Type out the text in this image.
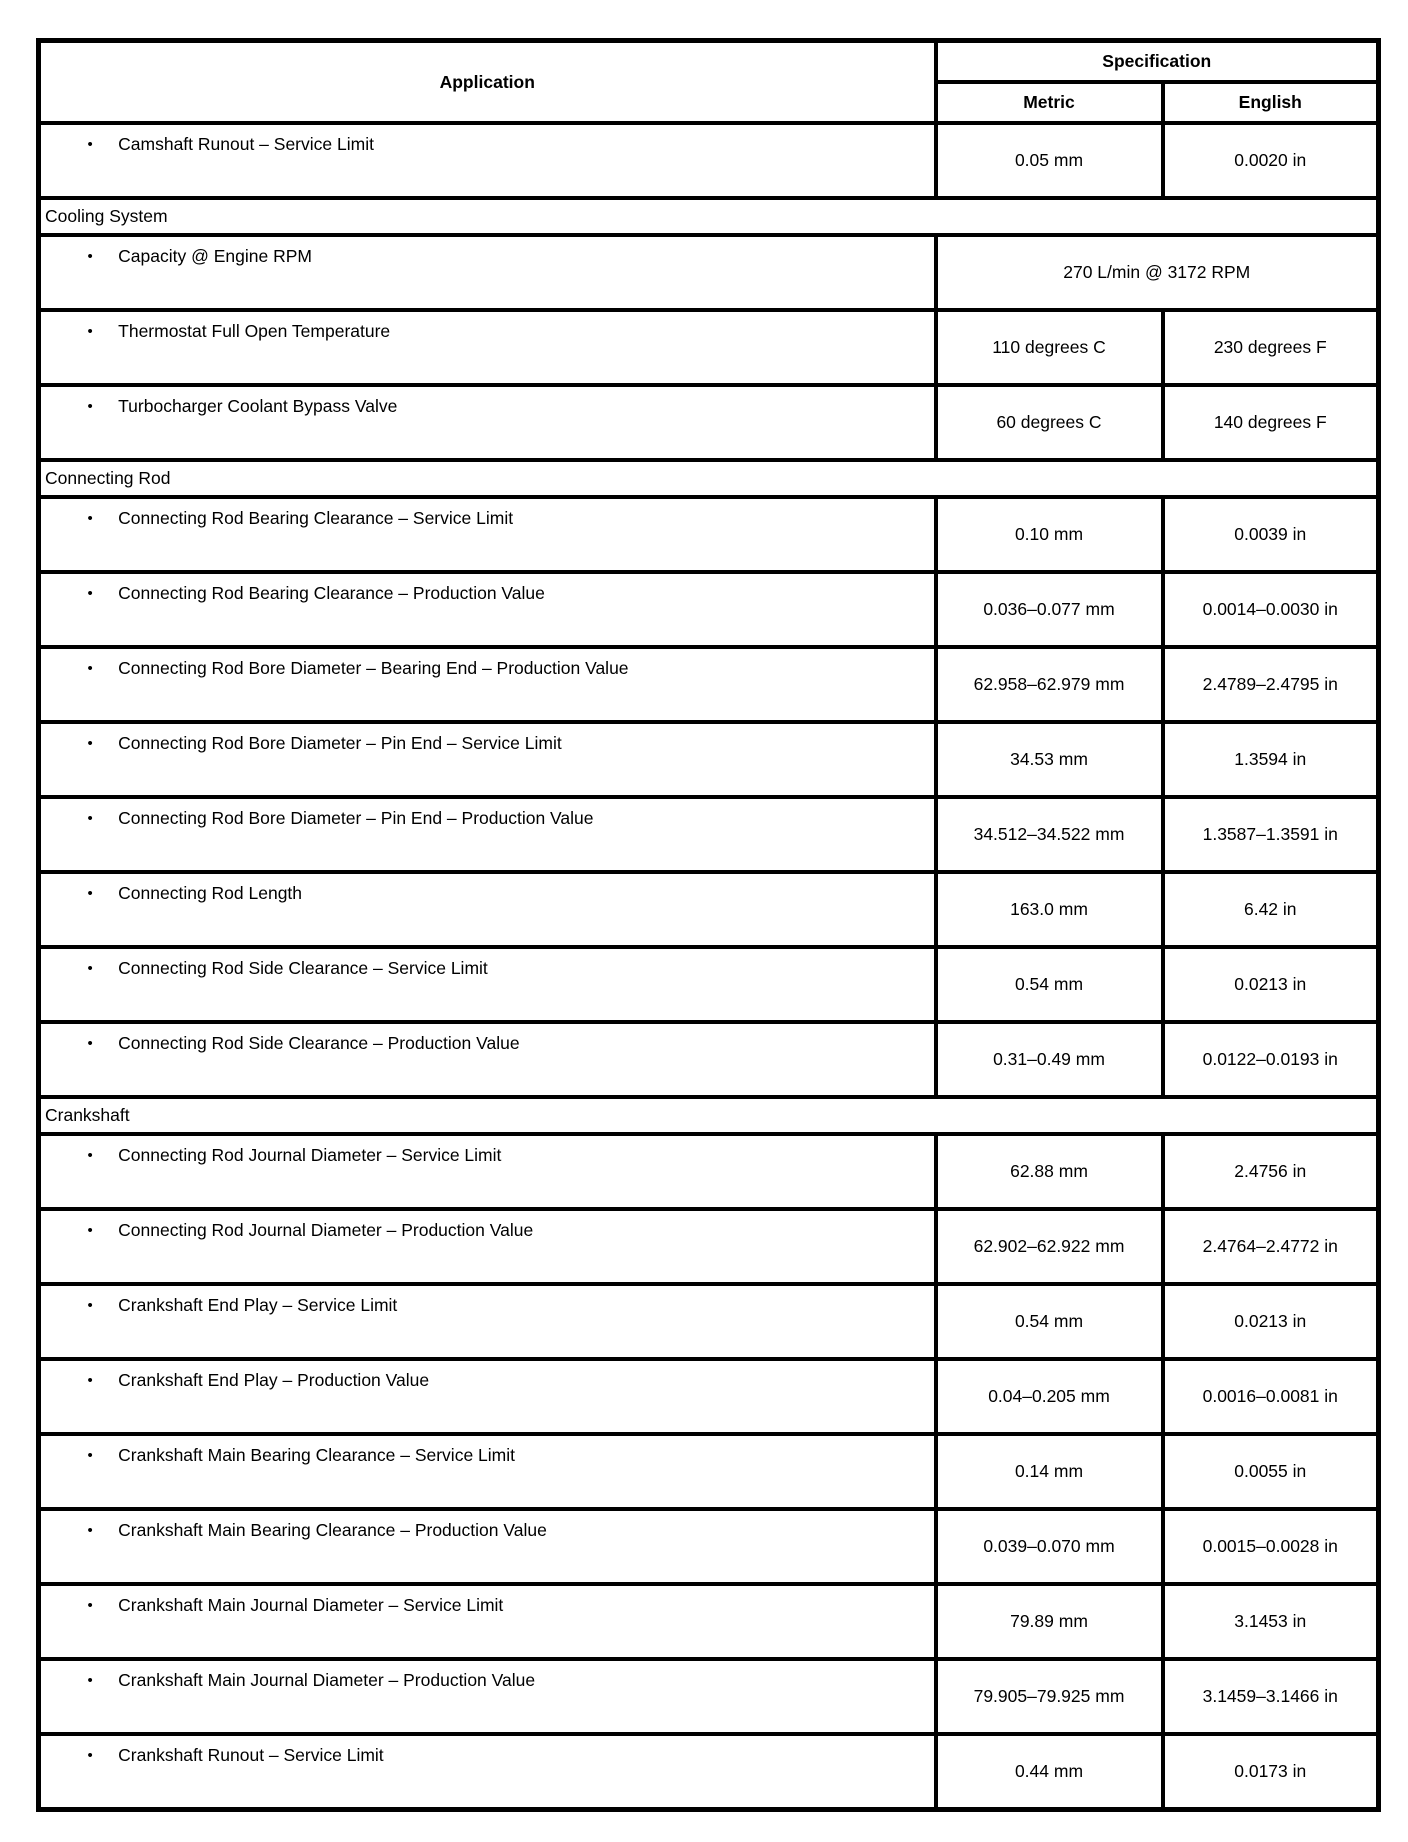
Application	Specification	
	Metric	English
• Camshaft Runout – Service Limit	0.05 mm	0.0020 in
Cooling System		
• Capacity @ Engine RPM	270 L/min @ 3172 RPM	
• Thermostat Full Open Temperature	110 degrees C	230 degrees F
• Turbocharger Coolant Bypass Valve	60 degrees C	140 degrees F
Connecting Rod		
• Connecting Rod Bearing Clearance – Service Limit	0.10 mm	0.0039 in
• Connecting Rod Bearing Clearance – Production Value	0.036–0.077 mm	0.0014–0.0030 in
• Connecting Rod Bore Diameter – Bearing End – Production Value	62.958–62.979 mm	2.4789–2.4795 in
• Connecting Rod Bore Diameter – Pin End – Service Limit	34.53 mm	1.3594 in
• Connecting Rod Bore Diameter – Pin End – Production Value	34.512–34.522 mm	1.3587–1.3591 in
• Connecting Rod Length	163.0 mm	6.42 in
• Connecting Rod Side Clearance – Service Limit	0.54 mm	0.0213 in
• Connecting Rod Side Clearance – Production Value	0.31–0.49 mm	0.0122–0.0193 in
Crankshaft		
• Connecting Rod Journal Diameter – Service Limit	62.88 mm	2.4756 in
• Connecting Rod Journal Diameter – Production Value	62.902–62.922 mm	2.4764–2.4772 in
• Crankshaft End Play – Service Limit	0.54 mm	0.0213 in
• Crankshaft End Play – Production Value	0.04–0.205 mm	0.0016–0.0081 in
• Crankshaft Main Bearing Clearance – Service Limit	0.14 mm	0.0055 in
• Crankshaft Main Bearing Clearance – Production Value	0.039–0.070 mm	0.0015–0.0028 in
• Crankshaft Main Journal Diameter – Service Limit	79.89 mm	3.1453 in
• Crankshaft Main Journal Diameter – Production Value	79.905–79.925 mm	3.1459–3.1466 in
• Crankshaft Runout – Service Limit	0.44 mm	0.0173 in
